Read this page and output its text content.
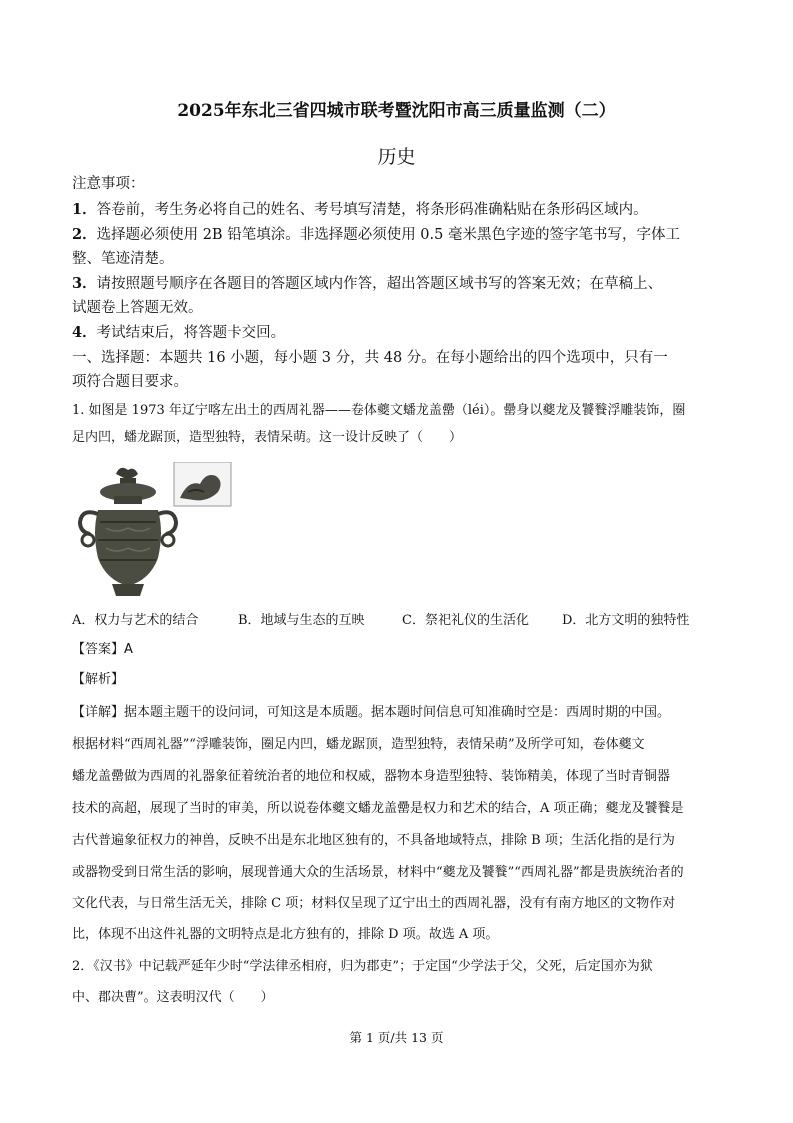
2025年东北三省四城市联考暨沈阳市高三质量监测（二）
历史
注意事项：
1．答卷前，考生务必将自己的姓名、考号填写清楚，将条形码准确粘贴在条形码区域内。
2．选择题必须使用 2B 铅笔填涂。非选择题必须使用 0.5 毫米黑色字迹的签字笔书写，字体工
整、笔迹清楚。
3．请按照题号顺序在各题目的答题区域内作答，超出答题区域书写的答案无效；在草稿上、
试题卷上答题无效。
4．考试结束后，将答题卡交回。
一、选择题：本题共 16 小题，每小题 3 分，共 48 分。在每小题给出的四个选项中，只有一
项符合题目要求。
1. 如图是 1973 年辽宁喀左出土的西周礼器——卷体夔文蟠龙盖罍（léi）。罍身以夔龙及饕餮浮雕装饰，圈
足内凹，蟠龙踞顶，造型独特，表情呆萌。这一设计反映了（　　）
A．权力与艺术的结合	B．地域与生态的互映	C．祭祀礼仪的生活化	D．北方文明的独特性
【答案】A
【解析】
【详解】据本题主题干的设问词，可知这是本质题。据本题时间信息可知准确时空是：西周时期的中国。
根据材料“西周礼器”“浮雕装饰，圈足内凹，蟠龙踞顶，造型独特，表情呆萌”及所学可知，卷体夔文
蟠龙盖罍做为西周的礼器象征着统治者的地位和权威，器物本身造型独特、装饰精美，体现了当时青铜器
技术的高超，展现了当时的审美，所以说卷体夔文蟠龙盖罍是权力和艺术的结合，A 项正确；夔龙及饕餮是
古代普遍象征权力的神兽，反映不出是东北地区独有的，不具备地域特点，排除 B 项；生活化指的是行为
或器物受到日常生活的影响，展现普通大众的生活场景，材料中“夔龙及饕餮”“西周礼器”都是贵族统治者的
文化代表，与日常生活无关，排除 C 项；材料仅呈现了辽宁出土的西周礼器，没有有南方地区的文物作对
比，体现不出这件礼器的文明特点是北方独有的，排除 D 项。故选 A 项。
2．《汉书》中记载严延年少时“学法律丞相府，归为郡吏”；于定国“少学法于父，父死，后定国亦为狱
中、郡决曹”。这表明汉代（　　）
第 1 页/共 13 页
